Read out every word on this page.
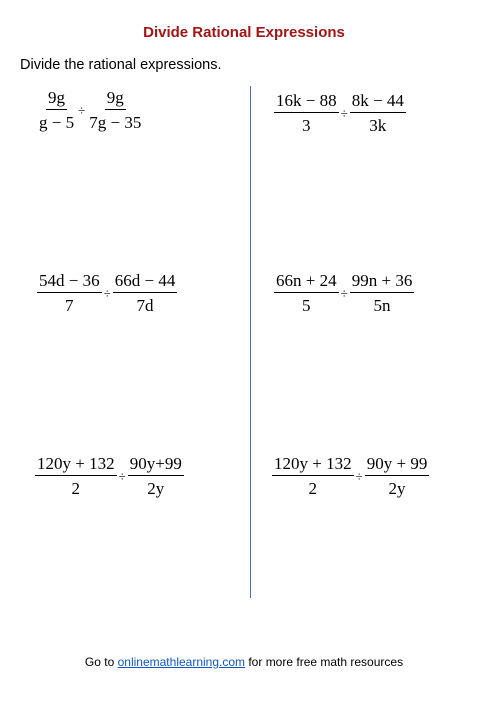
Divide Rational Expressions
Divide the rational expressions.
$\frac{9g}{g - 5} \div \frac{9g}{7g - 35}$	$\frac{16k - 88}{3} \div \frac{8k - 44}{3k}$
$\frac{54d - 36}{7} \div \frac{66d - 44}{7d}$	$\frac{66n + 24}{5} \div \frac{99n + 36}{5n}$
$\frac{120y + 132}{2} \div \frac{90y+99}{2y}$	$\frac{120y + 132}{2} \div \frac{90y + 99}{2y}$
Go to onlinemathlearning.com for more free math resources
